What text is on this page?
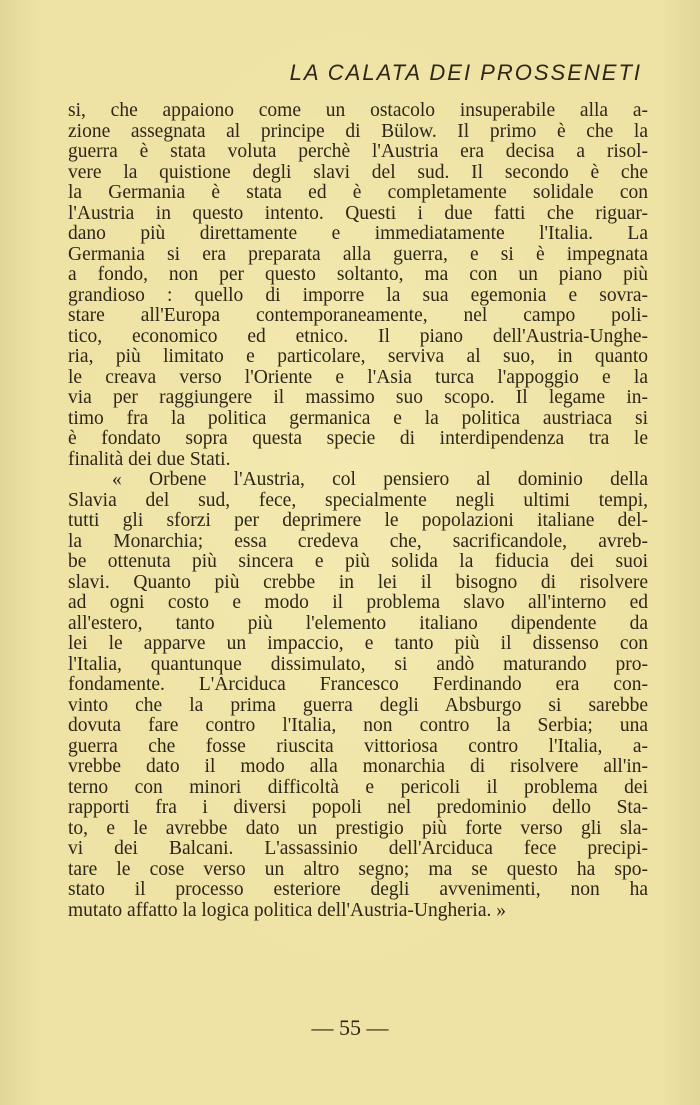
LA CALATA DEI PROSSENETI
si, che appaiono come un ostacolo insuperabile alla a-
zione assegnata al principe di Bülow. Il primo è che la
guerra è stata voluta perchè l'Austria era decisa a risol-
vere la quistione degli slavi del sud. Il secondo è che
la Germania è stata ed è completamente solidale con
l'Austria in questo intento. Questi i due fatti che riguar-
dano più direttamente e immediatamente l'Italia. La
Germania si era preparata alla guerra, e si è impegnata
a fondo, non per questo soltanto, ma con un piano più
grandioso : quello di imporre la sua egemonia e sovra-
stare all'Europa contemporaneamente, nel campo poli-
tico, economico ed etnico. Il piano dell'Austria-Unghe-
ria, più limitato e particolare, serviva al suo, in quanto
le creava verso l'Oriente e l'Asia turca l'appoggio e la
via per raggiungere il massimo suo scopo. Il legame in-
timo fra la politica germanica e la politica austriaca si
è fondato sopra questa specie di interdipendenza tra le
finalità dei due Stati.
« Orbene l'Austria, col pensiero al dominio della
Slavia del sud, fece, specialmente negli ultimi tempi,
tutti gli sforzi per deprimere le popolazioni italiane del-
la Monarchia; essa credeva che, sacrificandole, avreb-
be ottenuta più sincera e più solida la fiducia dei suoi
slavi. Quanto più crebbe in lei il bisogno di risolvere
ad ogni costo e modo il problema slavo all'interno ed
all'estero, tanto più l'elemento italiano dipendente da
lei le apparve un impaccio, e tanto più il dissenso con
l'Italia, quantunque dissimulato, si andò maturando pro-
fondamente. L'Arciduca Francesco Ferdinando era con-
vinto che la prima guerra degli Absburgo si sarebbe
dovuta fare contro l'Italia, non contro la Serbia; una
guerra che fosse riuscita vittoriosa contro l'Italia, a-
vrebbe dato il modo alla monarchia di risolvere all'in-
terno con minori difficoltà e pericoli il problema dei
rapporti fra i diversi popoli nel predominio dello Sta-
to, e le avrebbe dato un prestigio più forte verso gli sla-
vi dei Balcani. L'assassinio dell'Arciduca fece precipi-
tare le cose verso un altro segno; ma se questo ha spo-
stato il processo esteriore degli avvenimenti, non ha
mutato affatto la logica politica dell'Austria-Ungheria. »
— 55 —
